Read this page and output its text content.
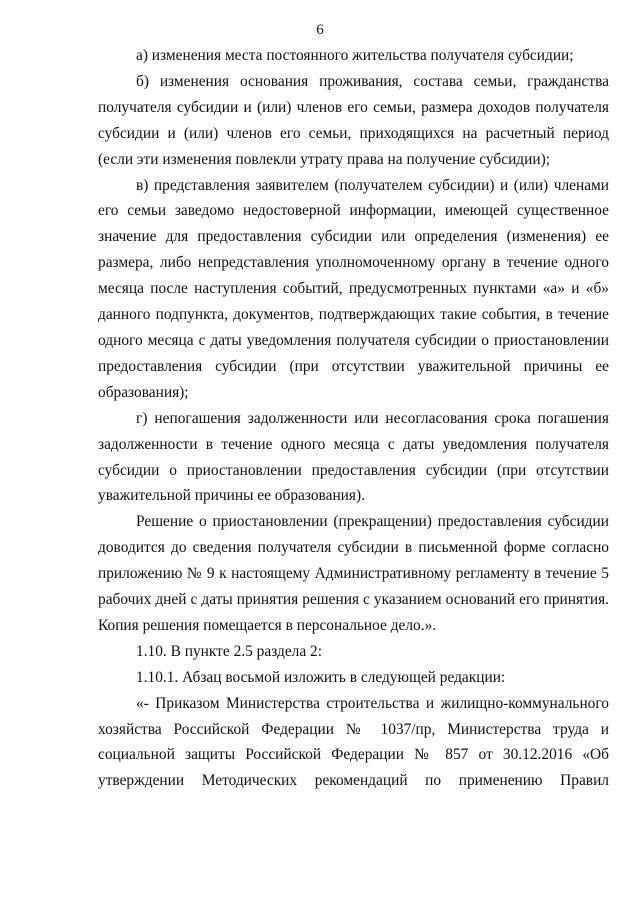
6

а) изменения места постоянного жительства получателя субсидии;

б) изменения основания проживания, состава семьи, гражданства получателя субсидии и (или) членов его семьи, размера доходов получателя субсидии и (или) членов его семьи, приходящихся на расчетный период (если эти изменения повлекли утрату права на получение субсидии);

в) представления заявителем (получателем субсидии) и (или) членами его семьи заведомо недостоверной информации, имеющей существенное значение для предоставления субсидии или определения (изменения) ее размера, либо непредставления уполномоченному органу в течение одного месяца после наступления событий, предусмотренных пунктами «а» и «б» данного подпункта, документов, подтверждающих такие события, в течение одного месяца с даты уведомления получателя субсидии о приостановлении предоставления субсидии (при отсутствии уважительной причины ее образования);

г) непогашения задолженности или несогласования срока погашения задолженности в течение одного месяца с даты уведомления получателя субсидии о приостановлении предоставления субсидии (при отсутствии уважительной причины ее образования).

Решение о приостановлении (прекращении) предоставления субсидии доводится до сведения получателя субсидии в письменной форме согласно приложению № 9 к настоящему Административному регламенту в течение 5 рабочих дней с даты принятия решения с указанием оснований его принятия. Копия решения помещается в персональное дело.».

1.10. В пункте 2.5 раздела 2:

1.10.1. Абзац восьмой изложить в следующей редакции:

«- Приказом Министерства строительства и жилищно-коммунального хозяйства Российской Федерации № 1037/пр, Министерства труда и социальной защиты Российской Федерации № 857 от 30.12.2016 «Об утверждении Методических рекомендаций по применению Правил
